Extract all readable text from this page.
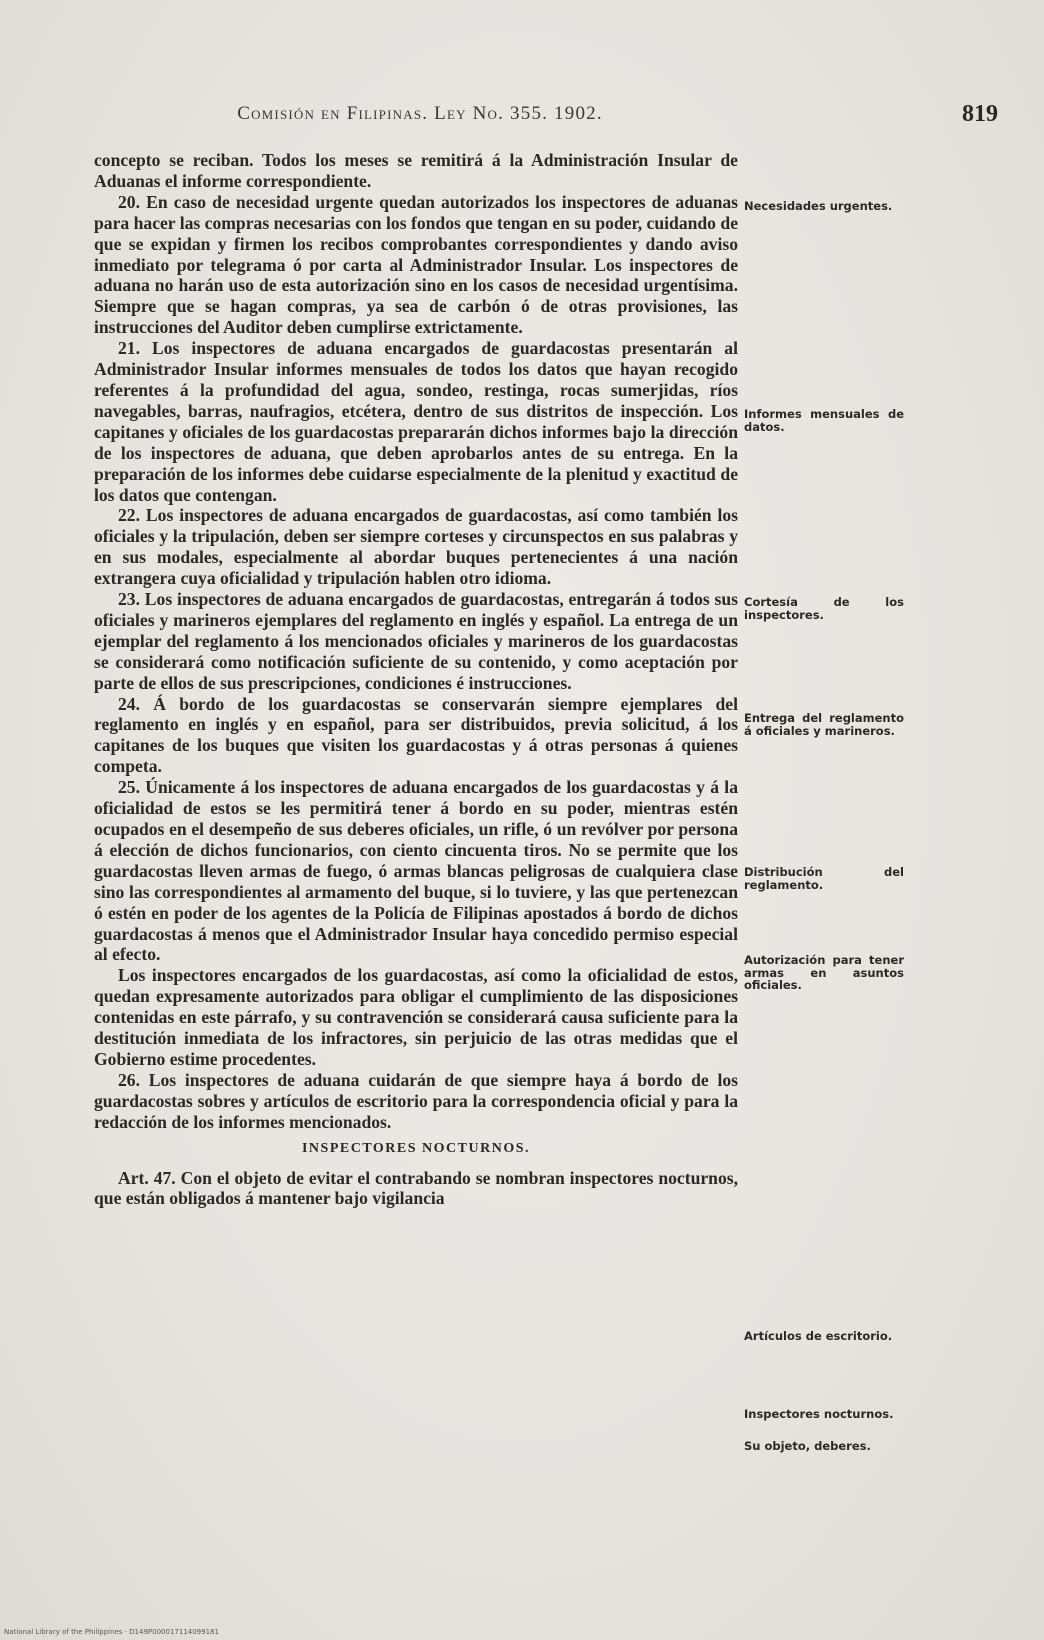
Comisión en Filipinas. Ley No. 355. 1902.	819

concepto se reciban. Todos los meses se remitirá á la Administración Insular de Aduanas el informe correspondiente.

20. En caso de necesidad urgente quedan autorizados los inspectores de aduanas para hacer las compras necesarias con los fondos que tengan en su poder, cuidando de que se expidan y firmen los recibos comprobantes correspondientes y dando aviso inmediato por telegrama ó por carta al Administrador Insular. Los inspectores de aduana no harán uso de esta autorización sino en los casos de necesidad urgentísima. Siempre que se hagan compras, ya sea de carbón ó de otras provisiones, las instrucciones del Auditor deben cumplirse extrictamente.

21. Los inspectores de aduana encargados de guardacostas presentarán al Administrador Insular informes mensuales de todos los datos que hayan recogido referentes á la profundidad del agua, sondeo, restinga, rocas sumerjidas, ríos navegables, barras, naufragios, etcétera, dentro de sus distritos de inspección. Los capitanes y oficiales de los guardacostas prepararán dichos informes bajo la dirección de los inspectores de aduana, que deben aprobarlos antes de su entrega. En la preparación de los informes debe cuidarse especialmente de la plenitud y exactitud de los datos que contengan.

22. Los inspectores de aduana encargados de guardacostas, así como también los oficiales y la tripulación, deben ser siempre corteses y circunspectos en sus palabras y en sus modales, especialmente al abordar buques pertenecientes á una nación extrangera cuya oficialidad y tripulación hablen otro idioma.

23. Los inspectores de aduana encargados de guardacostas, entregarán á todos sus oficiales y marineros ejemplares del reglamento en inglés y español. La entrega de un ejemplar del reglamento á los mencionados oficiales y marineros de los guardacostas se considerará como notificación suficiente de su contenido, y como aceptación por parte de ellos de sus prescripciones, condiciones é instrucciones.

24. Á bordo de los guardacostas se conservarán siempre ejemplares del reglamento en inglés y en español, para ser distribuidos, previa solicitud, á los capitanes de los buques que visiten los guardacostas y á otras personas á quienes competa.

25. Únicamente á los inspectores de aduana encargados de los guardacostas y á la oficialidad de estos se les permitirá tener á bordo en su poder, mientras estén ocupados en el desempeño de sus deberes oficiales, un rifle, ó un revólver por persona á elección de dichos funcionarios, con ciento cincuenta tiros. No se permite que los guardacostas lleven armas de fuego, ó armas blancas peligrosas de cualquiera clase sino las correspondientes al armamento del buque, si lo tuviere, y las que pertenezcan ó estén en poder de los agentes de la Policía de Filipinas apostados á bordo de dichos guardacostas á menos que el Administrador Insular haya concedido permiso especial al efecto.

Los inspectores encargados de los guardacostas, así como la oficialidad de estos, quedan expresamente autorizados para obligar el cumplimiento de las disposiciones contenidas en este párrafo, y su contravención se considerará causa suficiente para la destitución inmediata de los infractores, sin perjuicio de las otras medidas que el Gobierno estime procedentes.

26. Los inspectores de aduana cuidarán de que siempre haya á bordo de los guardacostas sobres y artículos de escritorio para la correspondencia oficial y para la redacción de los informes mencionados.

INSPECTORES NOCTURNOS.

Art. 47. Con el objeto de evitar el contrabando se nombran inspectores nocturnos, que están obligados á mantener bajo vigilancia

Necesidades urgentes.
Informes mensuales de datos.
Cortesía de los inspectores.
Entrega del reglamento á oficiales y marineros.
Distribución del reglamento.
Autorización para tener armas en asuntos oficiales.
Artículos de escritorio.
Inspectores nocturnos.
Su objeto, deberes.
National Library of the Philippines · D149P000017114099181
